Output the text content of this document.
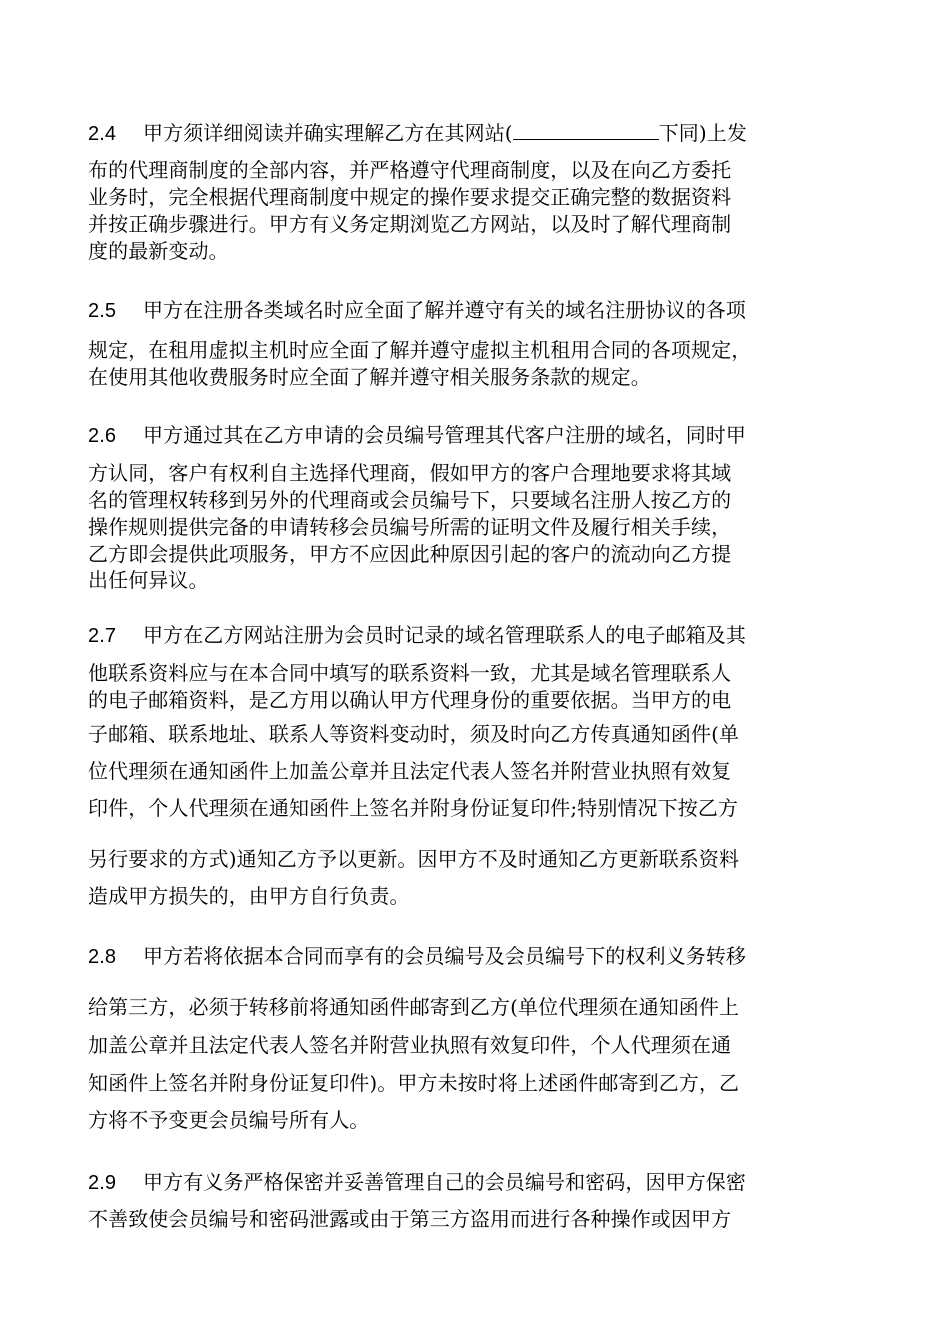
2.4 甲方须详细阅读并确实理解乙方在其网站(	下同)上发
布的代理商制度的全部内容，并严格遵守代理商制度，以及在向乙方委托
业务时，完全根据代理商制度中规定的操作要求提交正确完整的数据资料
并按正确步骤进行。甲方有义务定期浏览乙方网站，以及时了解代理商制
度的最新变动。
2.5 甲方在注册各类域名时应全面了解并遵守有关的域名注册协议的各项
规定，在租用虚拟主机时应全面了解并遵守虚拟主机租用合同的各项规定，
在使用其他收费服务时应全面了解并遵守相关服务条款的规定。
2.6 甲方通过其在乙方申请的会员编号管理其代客户注册的域名，同时甲
方认同，客户有权利自主选择代理商，假如甲方的客户合理地要求将其域
名的管理权转移到另外的代理商或会员编号下，只要域名注册人按乙方的
操作规则提供完备的申请转移会员编号所需的证明文件及履行相关手续，
乙方即会提供此项服务，甲方不应因此种原因引起的客户的流动向乙方提
出任何异议。
2.7 甲方在乙方网站注册为会员时记录的域名管理联系人的电子邮箱及其
他联系资料应与在本合同中填写的联系资料一致，尤其是域名管理联系人
的电子邮箱资料，是乙方用以确认甲方代理身份的重要依据。当甲方的电
子邮箱、联系地址、联系人等资料变动时，须及时向乙方传真通知函件(单
位代理须在通知函件上加盖公章并且法定代表人签名并附营业执照有效复
印件，个人代理须在通知函件上签名并附身份证复印件;特别情况下按乙方
另行要求的方式)通知乙方予以更新。因甲方不及时通知乙方更新联系资料
造成甲方损失的，由甲方自行负责。
2.8 甲方若将依据本合同而享有的会员编号及会员编号下的权利义务转移
给第三方，必须于转移前将通知函件邮寄到乙方(单位代理须在通知函件上
加盖公章并且法定代表人签名并附营业执照有效复印件，个人代理须在通
知函件上签名并附身份证复印件)。甲方未按时将上述函件邮寄到乙方，乙
方将不予变更会员编号所有人。
2.9 甲方有义务严格保密并妥善管理自己的会员编号和密码，因甲方保密
不善致使会员编号和密码泄露或由于第三方盗用而进行各种操作或因甲方
